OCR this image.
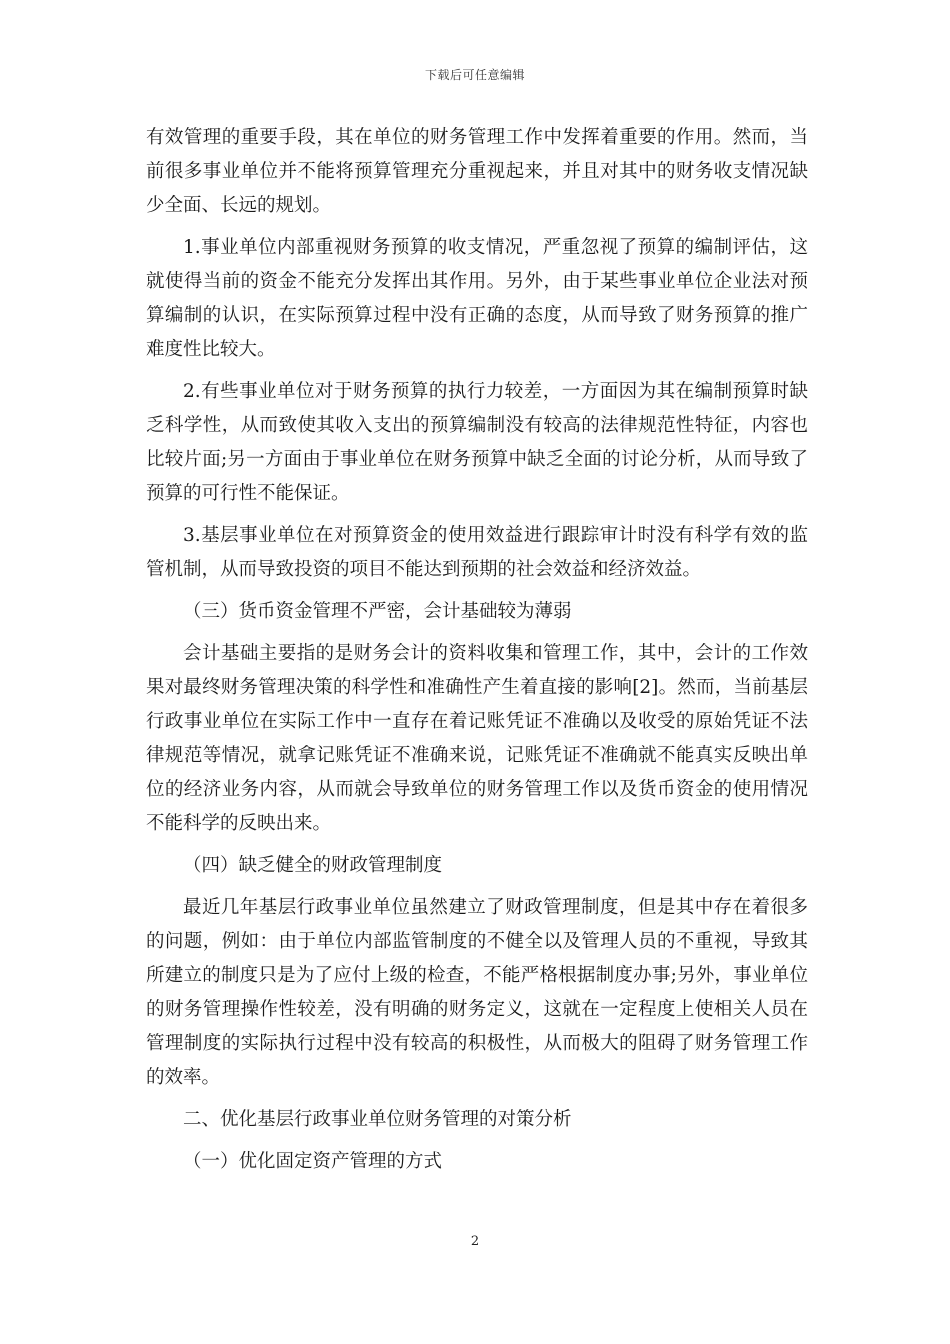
下载后可任意编辑

有效管理的重要手段，其在单位的财务管理工作中发挥着重要的作用。然而，当前很多事业单位并不能将预算管理充分重视起来，并且对其中的财务收支情况缺少全面、长远的规划。

1.事业单位内部重视财务预算的收支情况，严重忽视了预算的编制评估，这就使得当前的资金不能充分发挥出其作用。另外，由于某些事业单位企业法对预算编制的认识，在实际预算过程中没有正确的态度，从而导致了财务预算的推广难度性比较大。

2.有些事业单位对于财务预算的执行力较差，一方面因为其在编制预算时缺乏科学性，从而致使其收入支出的预算编制没有较高的法律规范性特征，内容也比较片面;另一方面由于事业单位在财务预算中缺乏全面的讨论分析，从而导致了预算的可行性不能保证。

3.基层事业单位在对预算资金的使用效益进行跟踪审计时没有科学有效的监管机制，从而导致投资的项目不能达到预期的社会效益和经济效益。

（三）货币资金管理不严密，会计基础较为薄弱

会计基础主要指的是财务会计的资料收集和管理工作，其中，会计的工作效果对最终财务管理决策的科学性和准确性产生着直接的影响[2]。然而，当前基层行政事业单位在实际工作中一直存在着记账凭证不准确以及收受的原始凭证不法律规范等情况，就拿记账凭证不准确来说，记账凭证不准确就不能真实反映出单位的经济业务内容，从而就会导致单位的财务管理工作以及货币资金的使用情况不能科学的反映出来。

（四）缺乏健全的财政管理制度

最近几年基层行政事业单位虽然建立了财政管理制度，但是其中存在着很多的问题，例如：由于单位内部监管制度的不健全以及管理人员的不重视，导致其所建立的制度只是为了应付上级的检查，不能严格根据制度办事;另外，事业单位的财务管理操作性较差，没有明确的财务定义，这就在一定程度上使相关人员在管理制度的实际执行过程中没有较高的积极性，从而极大的阻碍了财务管理工作的效率。

二、优化基层行政事业单位财务管理的对策分析

（一）优化固定资产管理的方式

2
